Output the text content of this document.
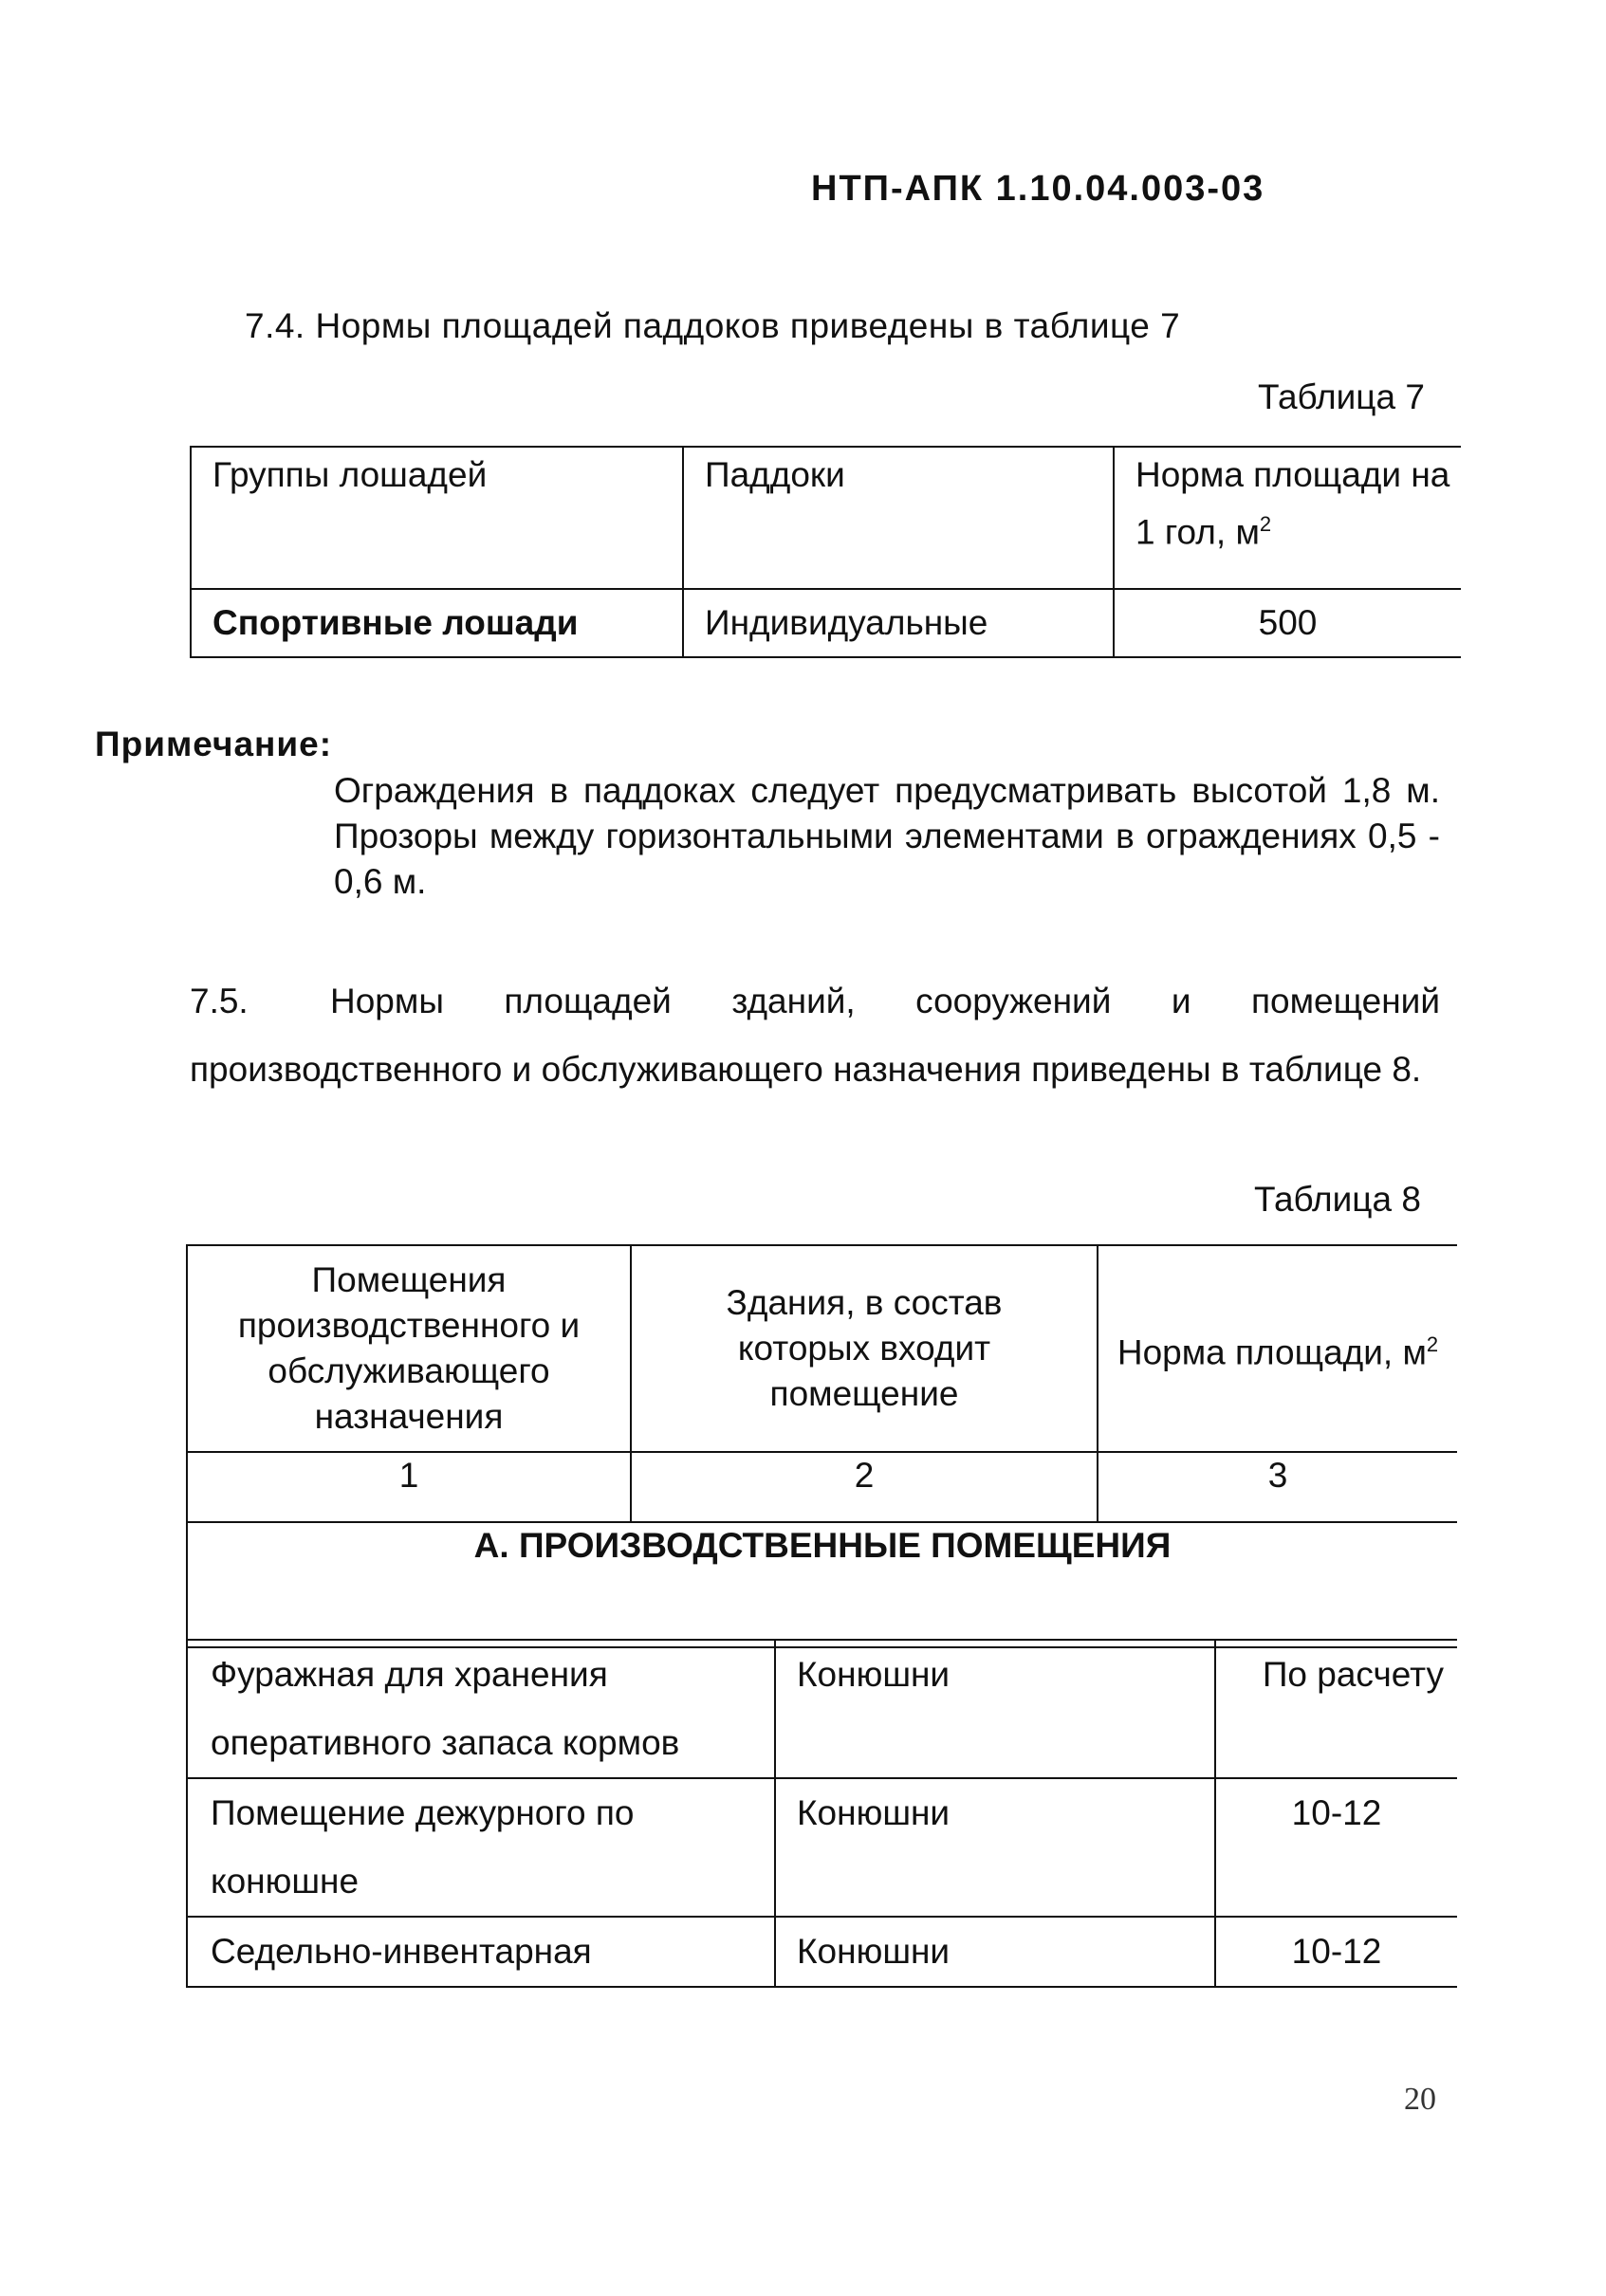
НТП-АПК 1.10.04.003-03
7.4. Нормы площадей паддоков приведены в таблице 7
Таблица 7
Группы лошадей	Паддоки	Норма площади на
1 гол, $м^2$

Спортивные лошади	Индивидуальные	500
Примечание:
Ограждения в паддоках следует предусматривать высотой 1,8 м. Прозоры между горизонтальными элементами в ограждениях 0,5 - 0,6 м.
7.5. Нормы площадей зданий, сооружений и помещений производственного и обслуживающего назначения приведены в таблице 8.
Таблица 8
Помещения производственного и обслуживающего назначения	Здания, в состав которых входит помещение	Норма площади, $м^2$

1	2	3
А. ПРОИЗВОДСТВЕННЫЕ ПОМЕЩЕНИЯ		
Фуражная для хранения оперативного запаса кормов	Конюшни	По расчету
Помещение дежурного по конюшне	Конюшни	10-12
Седельно-инвентарная	Конюшни	10-12
20
